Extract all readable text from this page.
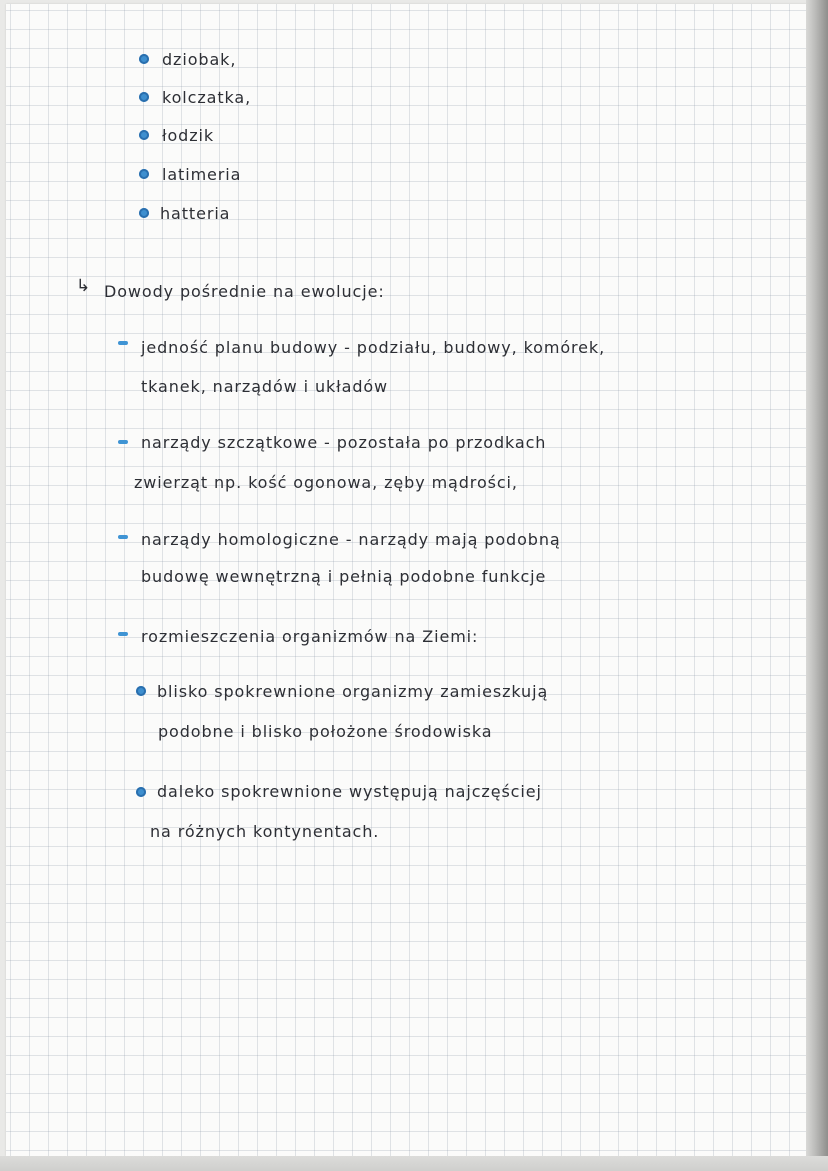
dziobak,
kolczatka,
łodzik
latimeria
hatteria
↳ Dowody pośrednie na ewolucje:
jedność planu budowy - podziału, budowy, komórek,
tkanek, narządów i układów
narządy szczątkowe - pozostała po przodkach
zwierząt np. kość ogonowa, zęby mądrości,
narządy homologiczne - narządy mają podobną
budowę wewnętrzną i pełnią podobne funkcje
rozmieszczenia organizmów na Ziemi:
blisko spokrewnione organizmy zamieszkują
podobne i blisko położone środowiska
daleko spokrewnione występują najczęściej
na różnych kontynentach.
